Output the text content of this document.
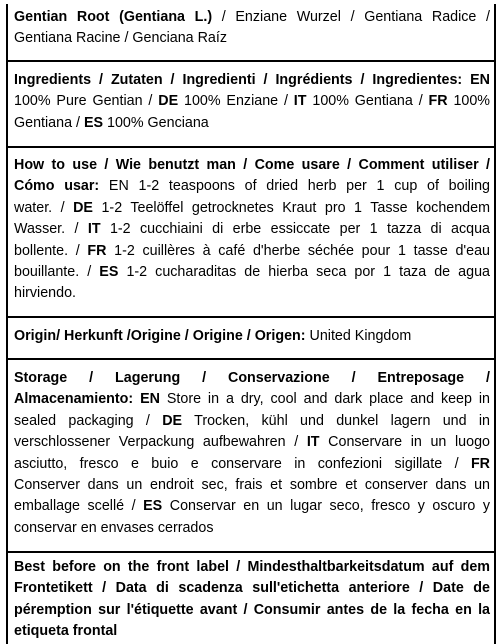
Gentian Root (Gentiana L.) / Enziane Wurzel / Gentiana Radice /

Gentiana Racine / Genciana Raíz

Ingredients / Zutaten / Ingredienti / Ingrédients / Ingredientes: EN

100% Pure Gentian / DE 100% Enziane / IT 100% Gentiana / FR 100%

Gentiana / ES 100% Genciana

How to use / Wie benutzt man / Come usare / Comment utiliser /

Cómo usar: EN 1-2 teaspoons of dried herb per 1 cup of boiling

water. / DE 1-2 Teelöffel getrocknetes Kraut pro 1 Tasse kochendem

Wasser. / IT 1-2 cucchiaini di erbe essiccate per 1 tazza di acqua

bollente. / FR 1-2 cuillères à café d'herbe séchée pour 1 tasse d'eau

bouillante. / ES 1-2 cucharaditas de hierba seca por 1 taza de agua

hirviendo.

Origin/ Herkunft /Origine / Origine / Origen: United Kingdom

Storage / Lagerung / Conservazione / Entreposage /

Almacenamiento: EN Store in a dry, cool and dark place and keep in

sealed packaging / DE Trocken, kühl und dunkel lagern und in

verschlossener Verpackung aufbewahren / IT Conservare in un luogo

asciutto, fresco e buio e conservare in confezioni sigillate / FR

Conserver dans un endroit sec, frais et sombre et conserver dans un

emballage scellé / ES Conservar en un lugar seco, fresco y oscuro y

conservar en envases cerrados

Best before on the front label / Mindesthaltbarkeitsdatum auf dem

Frontetikett / Data di scadenza sull'etichetta anteriore / Date de

péremption sur l'étiquette avant / Consumir antes de la fecha en la

etiqueta frontal
